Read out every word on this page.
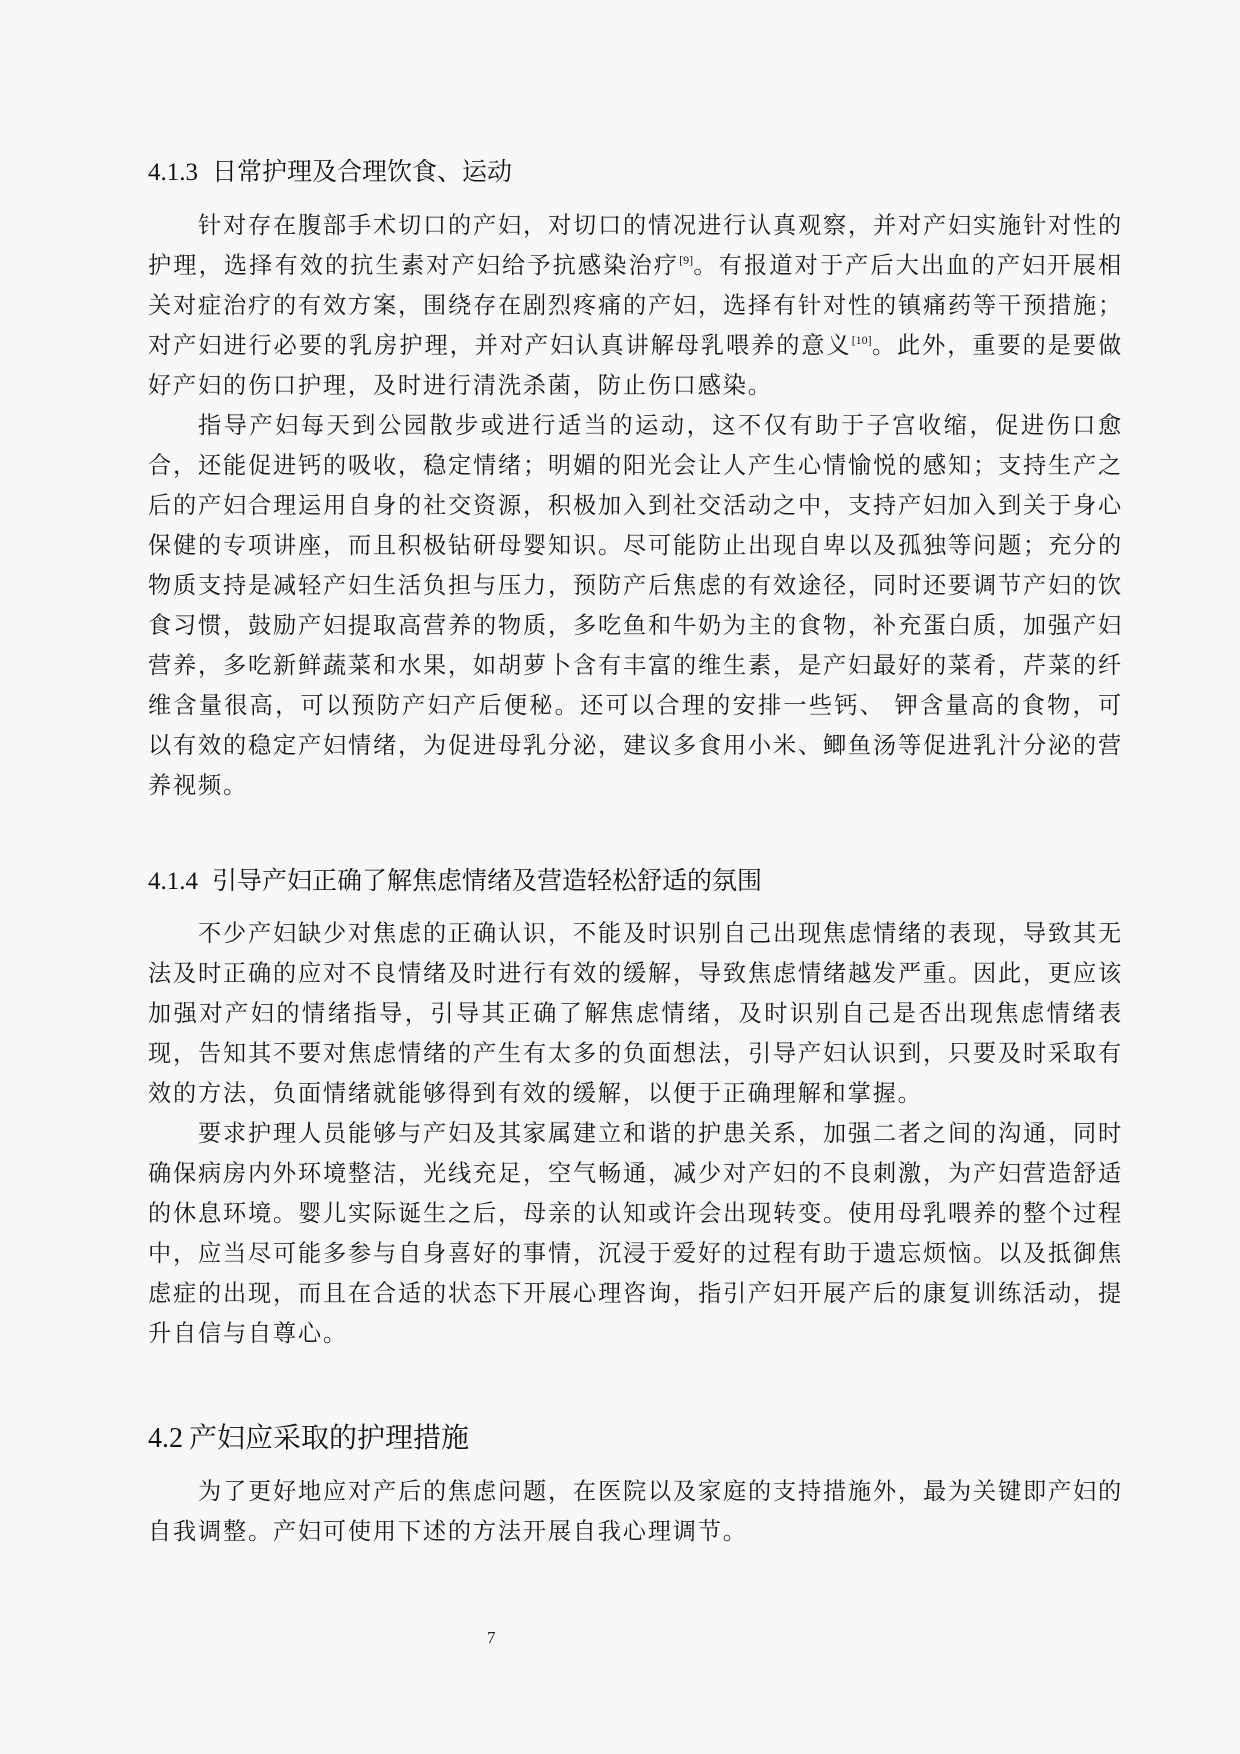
4.1.3 日常护理及合理饮食、运动

针对存在腹部手术切口的产妇，对切口的情况进行认真观察，并对产妇实施针对性的护理，选择有效的抗生素对产妇给予抗感染治疗[9]。有报道对于产后大出血的产妇开展相关对症治疗的有效方案，围绕存在剧烈疼痛的产妇，选择有针对性的镇痛药等干预措施；对产妇进行必要的乳房护理，并对产妇认真讲解母乳喂养的意义[10]。此外，重要的是要做好产妇的伤口护理，及时进行清洗杀菌，防止伤口感染。

指导产妇每天到公园散步或进行适当的运动，这不仅有助于子宫收缩，促进伤口愈合，还能促进钙的吸收，稳定情绪；明媚的阳光会让人产生心情愉悦的感知；支持生产之后的产妇合理运用自身的社交资源，积极加入到社交活动之中，支持产妇加入到关于身心保健的专项讲座，而且积极钻研母婴知识。尽可能防止出现自卑以及孤独等问题；充分的物质支持是减轻产妇生活负担与压力，预防产后焦虑的有效途径，同时还要调节产妇的饮食习惯，鼓励产妇提取高营养的物质，多吃鱼和牛奶为主的食物，补充蛋白质，加强产妇营养，多吃新鲜蔬菜和水果，如胡萝卜含有丰富的维生素，是产妇最好的菜肴，芹菜的纤维含量很高，可以预防产妇产后便秘。还可以合理的安排一些钙、 钾含量高的食物，可以有效的稳定产妇情绪，为促进母乳分泌，建议多食用小米、鲫鱼汤等促进乳汁分泌的营养视频。

4.1.4 引导产妇正确了解焦虑情绪及营造轻松舒适的氛围

不少产妇缺少对焦虑的正确认识，不能及时识别自己出现焦虑情绪的表现，导致其无法及时正确的应对不良情绪及时进行有效的缓解，导致焦虑情绪越发严重。因此，更应该加强对产妇的情绪指导，引导其正确了解焦虑情绪，及时识别自己是否出现焦虑情绪表现，告知其不要对焦虑情绪的产生有太多的负面想法，引导产妇认识到，只要及时采取有效的方法，负面情绪就能够得到有效的缓解，以便于正确理解和掌握。

要求护理人员能够与产妇及其家属建立和谐的护患关系，加强二者之间的沟通，同时确保病房内外环境整洁，光线充足，空气畅通，减少对产妇的不良刺激，为产妇营造舒适的休息环境。婴儿实际诞生之后，母亲的认知或许会出现转变。使用母乳喂养的整个过程中，应当尽可能多参与自身喜好的事情，沉浸于爱好的过程有助于遗忘烦恼。以及抵御焦虑症的出现，而且在合适的状态下开展心理咨询，指引产妇开展产后的康复训练活动，提升自信与自尊心。

4.2 产妇应采取的护理措施

为了更好地应对产后的焦虑问题，在医院以及家庭的支持措施外，最为关键即产妇的自我调整。产妇可使用下述的方法开展自我心理调节。

7
